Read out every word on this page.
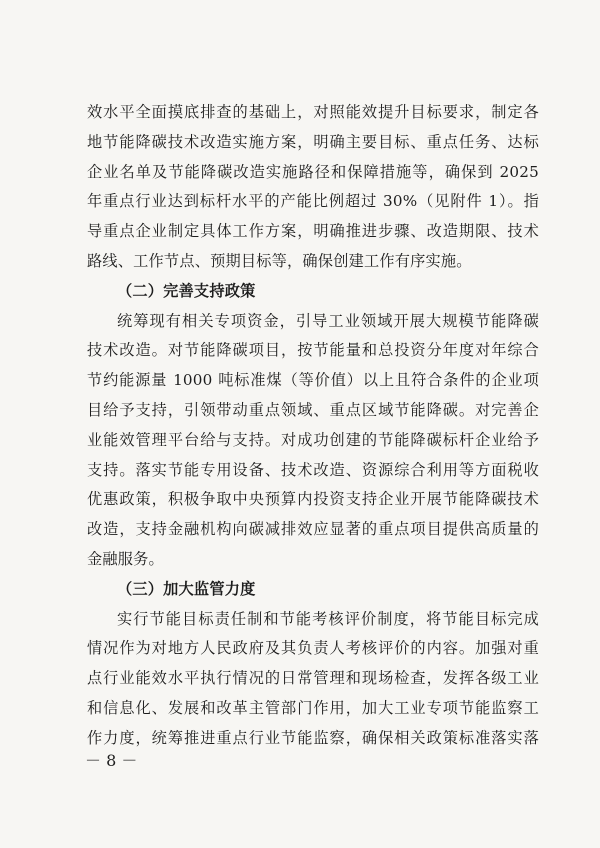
效水平全面摸底排查的基础上，对照能效提升目标要求，制定各
地节能降碳技术改造实施方案，明确主要目标、重点任务、达标
企业名单及节能降碳改造实施路径和保障措施等，确保到 2025
年重点行业达到标杆水平的产能比例超过 30%（见附件 1）。指
导重点企业制定具体工作方案，明确推进步骤、改造期限、技术
路线、工作节点、预期目标等，确保创建工作有序实施。
（二）完善支持政策
统筹现有相关专项资金，引导工业领域开展大规模节能降碳
技术改造。对节能降碳项目，按节能量和总投资分年度对年综合
节约能源量 1000 吨标准煤（等价值）以上且符合条件的企业项
目给予支持，引领带动重点领域、重点区域节能降碳。对完善企
业能效管理平台给与支持。对成功创建的节能降碳标杆企业给予
支持。落实节能专用设备、技术改造、资源综合利用等方面税收
优惠政策，积极争取中央预算内投资支持企业开展节能降碳技术
改造，支持金融机构向碳减排效应显著的重点项目提供高质量的
金融服务。
（三）加大监管力度
实行节能目标责任制和节能考核评价制度，将节能目标完成
情况作为对地方人民政府及其负责人考核评价的内容。加强对重
点行业能效水平执行情况的日常管理和现场检查，发挥各级工业
和信息化、发展和改革主管部门作用，加大工业专项节能监察工
作力度，统筹推进重点行业节能监察，确保相关政策标准落实落
－ 8 －
